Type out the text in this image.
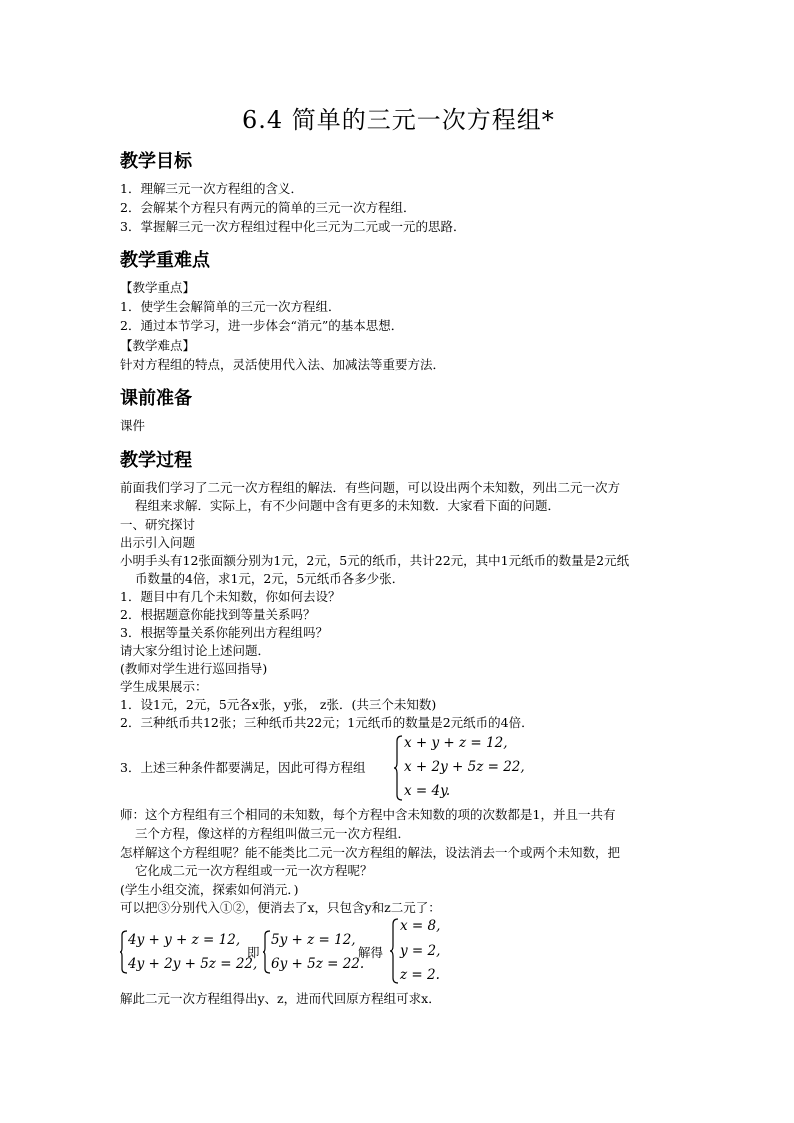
6.4 简单的三元一次方程组*
教学目标
1．理解三元一次方程组的含义．
2．会解某个方程只有两元的简单的三元一次方程组．
3．掌握解三元一次方程组过程中化三元为二元或一元的思路．
教学重难点
【教学重点】
1．使学生会解简单的三元一次方程组．
2．通过本节学习，进一步体会“消元”的基本思想．
【教学难点】
针对方程组的特点，灵活使用代入法、加减法等重要方法．
课前准备
课件
教学过程
前面我们学习了二元一次方程组的解法．有些问题，可以设出两个未知数，列出二元一次方
程组来求解．实际上，有不少问题中含有更多的未知数．大家看下面的问题．
一、研究探讨
出示引入问题
小明手头有12张面额分别为1元，2元，5元的纸币，共计22元，其中1元纸币的数量是2元纸
币数量的4倍，求1元，2元，5元纸币各多少张．
1．题目中有几个未知数，你如何去设？
2．根据题意你能找到等量关系吗？
3．根据等量关系你能列出方程组吗？
请大家分组讨论上述问题．
(教师对学生进行巡回指导)
学生成果展示：
1．设1元，2元，5元各x张，y张， z张．(共三个未知数)
2．三种纸币共12张；三种纸币共22元；1元纸币的数量是2元纸币的4倍．
3．上述三种条件都要满足，因此可得方程组
x + y + z = 12,
x + 2y + 5z = 22,
x = 4y.
师：这个方程组有三个相同的未知数，每个方程中含未知数的项的次数都是1，并且一共有
三个方程，像这样的方程组叫做三元一次方程组．
怎样解这个方程组呢？能不能类比二元一次方程组的解法，设法消去一个或两个未知数，把
它化成二元一次方程组或一元一次方程呢？
(学生小组交流，探索如何消元．)
可以把③分别代入①②，便消去了x，只包含y和z二元了：
4y + y + z = 12,
4y + 2y + 5z = 22,
即
5y + z = 12,
6y + 5z = 22.
解得
x = 8,
y = 2,
z = 2.
解此二元一次方程组得出y、z，进而代回原方程组可求x．
